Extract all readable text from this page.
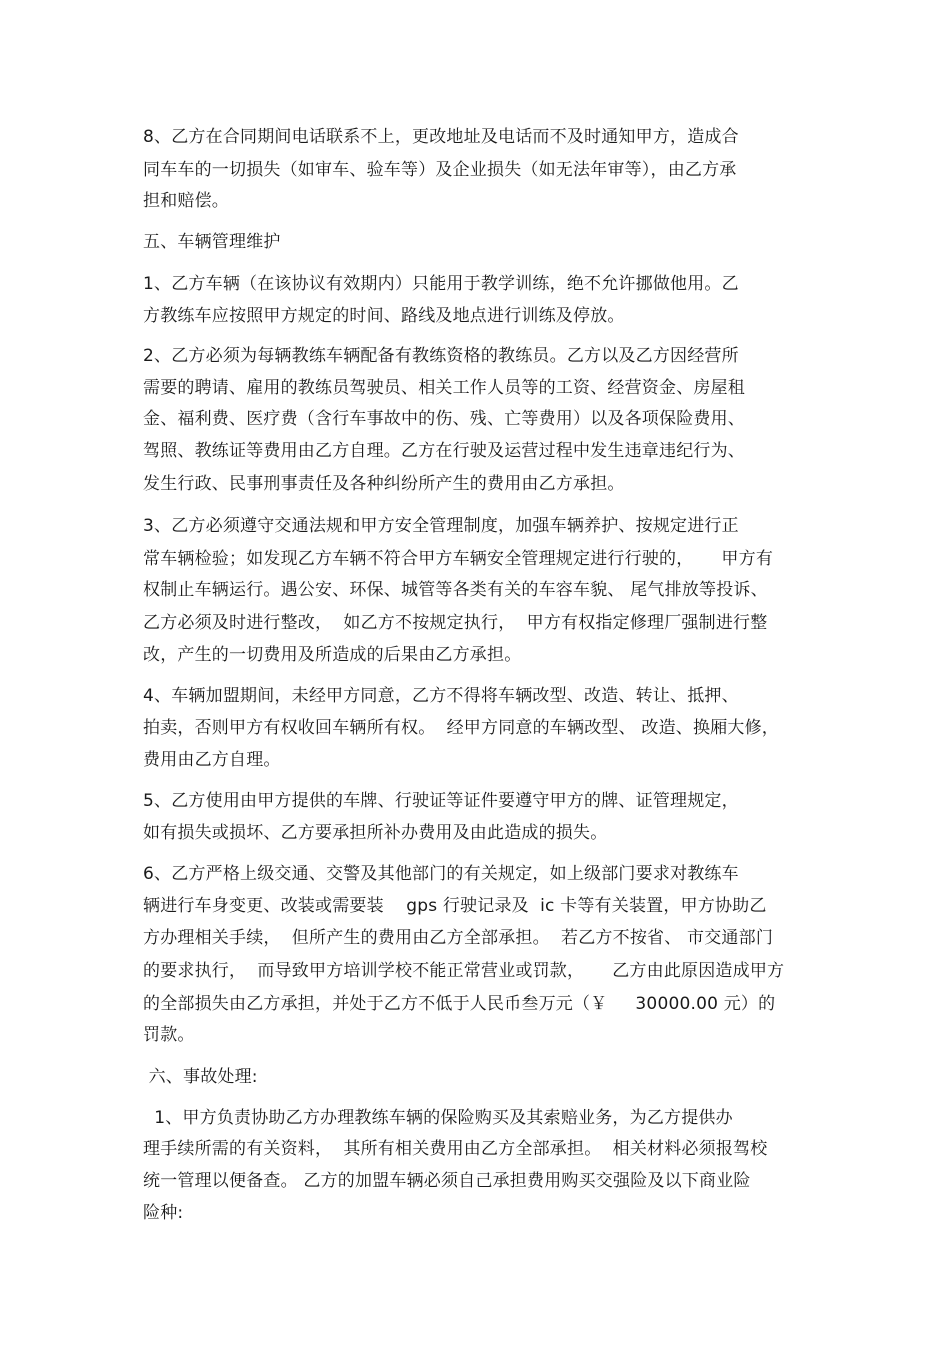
8、乙方在合同期间电话联系不上，更改地址及电话而不及时通知甲方，造成合
同车车的一切损失（如审车、验车等）及企业损失（如无法年审等），由乙方承
担和赔偿。
五、车辆管理维护
1、乙方车辆（在该协议有效期内）只能用于教学训练，绝不允许挪做他用。乙
方教练车应按照甲方规定的时间、路线及地点进行训练及停放。
2、乙方必须为每辆教练车辆配备有教练资格的教练员。乙方以及乙方因经营所
需要的聘请、雇用的教练员驾驶员、相关工作人员等的工资、经营资金、房屋租
金、福利费、医疗费（含行车事故中的伤、残、亡等费用）以及各项保险费用、
驾照、教练证等费用由乙方自理。乙方在行驶及运营过程中发生违章违纪行为、
发生行政、民事刑事责任及各种纠纷所产生的费用由乙方承担。
3、乙方必须遵守交通法规和甲方安全管理制度，加强车辆养护、按规定进行正
常车辆检验；如发现乙方车辆不符合甲方车辆安全管理规定进行行驶的，     甲方有
权制止车辆运行。遇公安、环保、城管等各类有关的车容车貌、 尾气排放等投诉、
乙方必须及时进行整改，  如乙方不按规定执行，  甲方有权指定修理厂强制进行整
改，产生的一切费用及所造成的后果由乙方承担。
4、车辆加盟期间，未经甲方同意，乙方不得将车辆改型、改造、转让、抵押、
拍卖，否则甲方有权收回车辆所有权。  经甲方同意的车辆改型、 改造、换厢大修，
费用由乙方自理。
5、乙方使用由甲方提供的车牌、行驶证等证件要遵守甲方的牌、证管理规定，
如有损失或损坏、乙方要承担所补办费用及由此造成的损失。
6、乙方严格上级交通、交警及其他部门的有关规定，如上级部门要求对教练车
辆进行车身变更、改装或需要装    gps 行驶记录及  ic 卡等有关装置，甲方协助乙
方办理相关手续，  但所产生的费用由乙方全部承担。  若乙方不按省、 市交通部门
的要求执行，  而导致甲方培训学校不能正常营业或罚款，     乙方由此原因造成甲方
的全部损失由乙方承担，并处于乙方不低于人民币叁万元（￥     30000.00 元）的
罚款。
六、事故处理:
1、甲方负责协助乙方办理教练车辆的保险购买及其索赔业务，为乙方提供办
理手续所需的有关资料，  其所有相关费用由乙方全部承担。  相关材料必须报驾校
统一管理以便备查。 乙方的加盟车辆必须自己承担费用购买交强险及以下商业险
险种:
